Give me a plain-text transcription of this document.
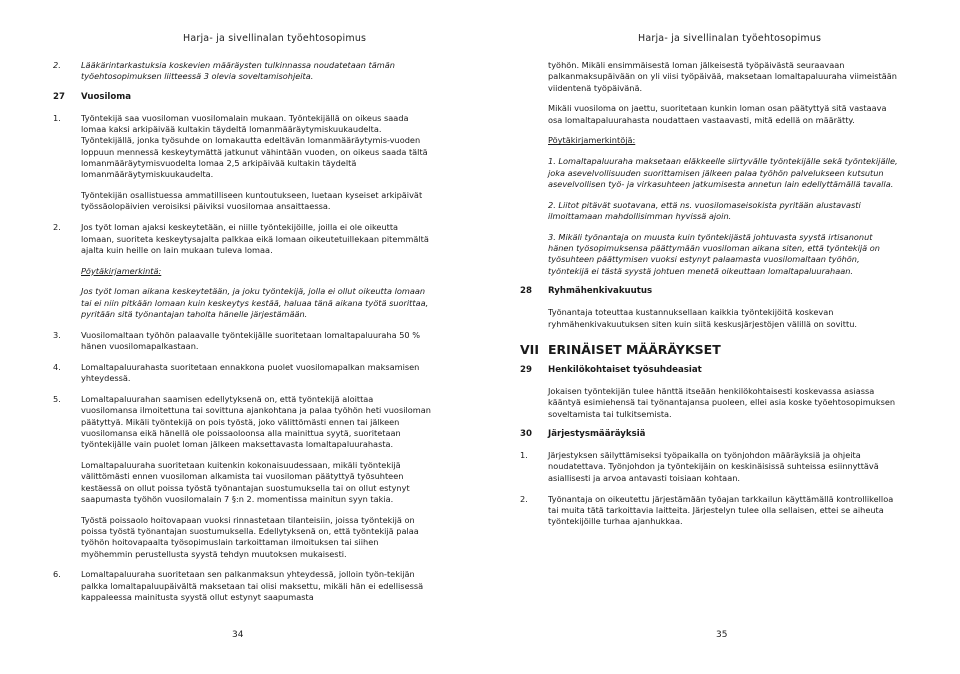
Harja- ja sivellinalan työehtosopimus
2.	Lääkärintarkastuksia koskevien määräysten tulkinnassa noudatetaan tämän työehtosopimuksen liitteessä 3 olevia soveltamisohjeita.
27	Vuosiloma
1.	Työntekijä saa vuosiloman vuosilomalain mukaan. Työntekijällä on oikeus saada lomaa kaksi arkipäivää kultakin täydeltä lomanmääräytymiskuukaudelta. Työntekijällä, jonka työsuhde on lomakautta edeltävän lomanmääräytymis-vuoden loppuun mennessä keskeytymättä jatkunut vähintään vuoden, on oikeus saada tältä lomanmääräytymisvuodelta lomaa 2,5 arkipäivää kultakin täydeltä lomanmääräytymiskuukaudelta.

Työntekijän osallistuessa ammatilliseen kuntoutukseen, luetaan kyseiset arkipäivät työssäolopäivien veroisiksi päiviksi vuosilomaa ansaittaessa.

2.	Jos työt loman ajaksi keskeytetään, ei niille työntekijöille, joilla ei ole oikeutta lomaan, suoriteta keskeytysajalta palkkaa eikä lomaan oikeutetuillekaan pitemmältä ajalta kuin heille on lain mukaan tuleva lomaa.

Pöytäkirjamerkintä:

Jos työt loman aikana keskeytetään, ja joku työntekijä, jolla ei ollut oikeutta lomaan tai ei niin pitkään lomaan kuin keskeytys kestää, haluaa tänä aikana työtä suorittaa, pyritään sitä työnantajan taholta hänelle järjestämään.

3.	Vuosilomaltaan työhön palaavalle työntekijälle suoritetaan lomaltapaluuraha 50 % hänen vuosilomapalkastaan.
4.	Lomaltapaluurahasta suoritetaan ennakkona puolet vuosilomapalkan maksamisen yhteydessä.
5.	Lomaltapaluurahan saamisen edellytyksenä on, että työntekijä aloittaa vuosilomansa ilmoitettuna tai sovittuna ajankohtana ja palaa työhön heti vuosiloman päätyttyä. Mikäli työntekijä on pois työstä, joko välittömästi ennen tai jälkeen vuosilomansa eikä hänellä ole poissaoloonsa alla mainittua syytä, suoritetaan työntekijälle vain puolet loman jälkeen maksettavasta lomaltapaluurahasta.

Lomaltapaluuraha suoritetaan kuitenkin kokonaisuudessaan, mikäli työntekijä välittömästi ennen vuosiloman alkamista tai vuosiloman päätyttyä työsuhteen kestäessä on ollut poissa työstä työnantajan suostumuksella tai on ollut estynyt saapumasta työhön vuosilomalain 7 §:n 2. momentissa mainitun syyn takia.

Työstä poissaolo hoitovapaan vuoksi rinnastetaan tilanteisiin, joissa työntekijä on poissa työstä työnantajan suostumuksella. Edellytyksenä on, että työntekijä palaa työhön hoitovapaalta työsopimuslain tarkoittaman ilmoituksen tai siihen myöhemmin perustellusta syystä tehdyn muutoksen mukaisesti.

6.	Lomaltapaluuraha suoritetaan sen palkanmaksun yhteydessä, jolloin työn-tekijän palkka lomaltapaluupäivältä maksetaan tai olisi maksettu, mikäli hän ei edellisessä kappaleessa mainitusta syystä ollut estynyt saapumasta
34
Harja- ja sivellinalan työehtosopimus

työhön. Mikäli ensimmäisestä loman jälkeisestä työpäivästä seuraavaan palkanmaksupäivään on yli viisi työpäivää, maksetaan lomaltapaluuraha viimeistään viidentenä työpäivänä.

Mikäli vuosiloma on jaettu, suoritetaan kunkin loman osan päätyttyä sitä vastaava osa lomaltapaluurahasta noudattaen vastaavasti, mitä edellä on määrätty.

Pöytäkirjamerkintöjä:

1. Lomaltapaluuraha maksetaan eläkkeelle siirtyvälle työntekijälle sekä työntekijälle, joka asevelvollisuuden suorittamisen jälkeen palaa työhön palvelukseen kutsutun asevelvollisen työ- ja virkasuhteen jatkumisesta annetun lain edellyttämällä tavalla.
2. Liitot pitävät suotavana, että ns. vuosilomaseisokista pyritään alustavasti ilmoittamaan mahdollisimman hyvissä ajoin.
3. Mikäli työnantaja on muusta kuin työntekijästä johtuvasta syystä irtisanonut hänen työsopimuksensa päättymään vuosiloman aikana siten, että työntekijä on työsuhteen päättymisen vuoksi estynyt palaamasta vuosilomaltaan työhön, työntekijä ei tästä syystä johtuen menetä oikeuttaan lomaltapaluurahaan.
28	Ryhmähenkivakuutus

Työnantaja toteuttaa kustannuksellaan kaikkia työntekijöitä koskevan ryhmähenkivakuutuksen siten kuin siitä keskusjärjestöjen välillä on sovittu.

VII ERINÄISET MÄÄRÄYKSET
29	Henkilökohtaiset työsuhdeasiat

Jokaisen työntekijän tulee hänttä itseään henkilökohtaisesti koskevassa asiassa kääntyä esimiehensä tai työnantajansa puoleen, ellei asia koske työehtosopimuksen soveltamista tai tulkitsemista.

30	Järjestysmääräyksiä
1.	Järjestyksen säilyttämiseksi työpaikalla on työnjohdon määräyksiä ja ohjeita noudatettava. Työnjohdon ja työntekijäin on keskinäisissä suhteissa esiinnyttävä asiallisesti ja arvoa antavasti toisiaan kohtaan.
2.	Työnantaja on oikeutettu järjestämään työajan tarkkailun käyttämällä kontrollikelloa tai muita tätä tarkoittavia laitteita. Järjestelyn tulee olla sellaisen, ettei se aiheuta työntekijöille turhaa ajanhukkaa.
35
